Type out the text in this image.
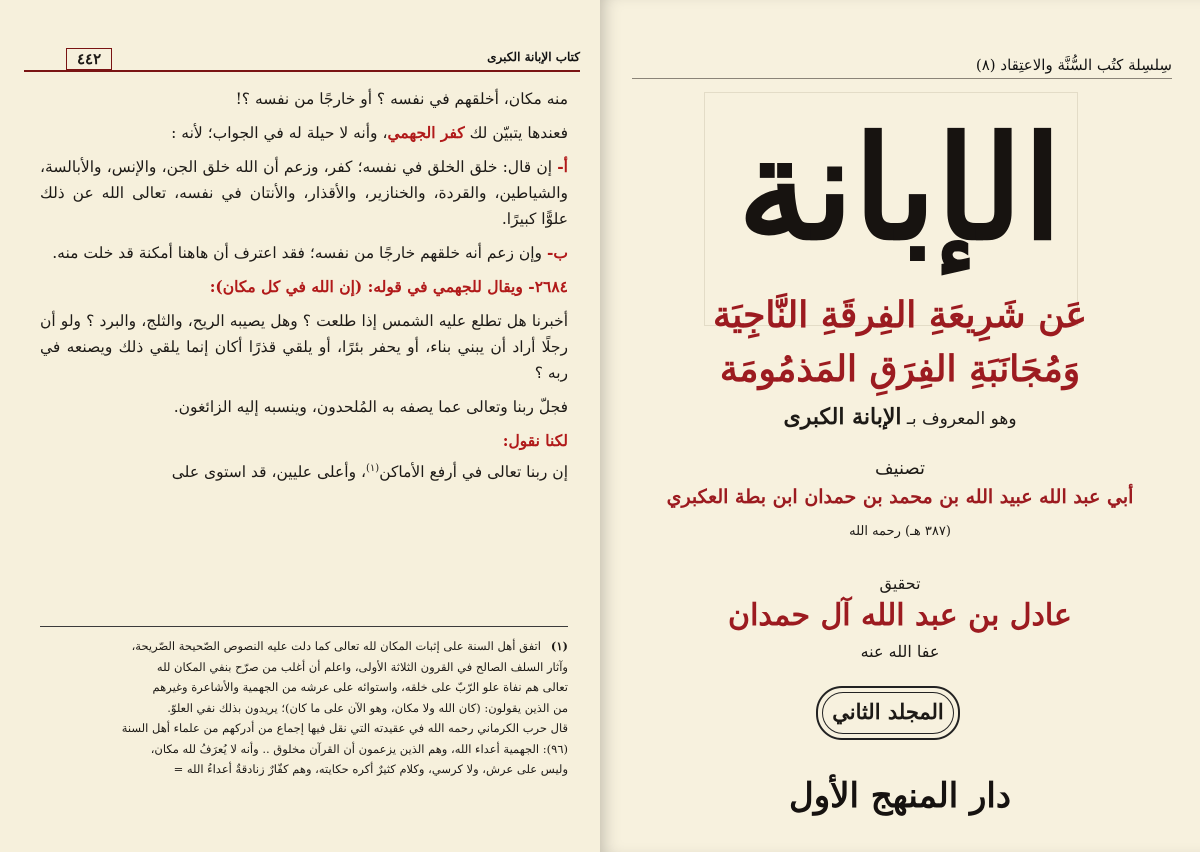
كتاب الإبانة الكبرى
٤٤٢

منه مكان، أخلقهم في نفسه ؟ أو خارجًا من نفسه ؟!

فعندها يتبيّن لك كفر الجهمي، وأنه لا حيلة له في الجواب؛ لأنه :

أ- إن قال: خلق الخلق في نفسه؛ كفر، وزعم أن الله خلق الجن، والإنس، والأبالسة، والشياطين، والقردة، والخنازير، والأقذار، والأنتان في نفسه، تعالى الله عن ذلك علوًّا كبيرًا.

ب- وإن زعم أنه خلقهم خارجًا من نفسه؛ فقد اعترف أن هاهنا أمكنة قد خلت منه.

٢٦٨٤- ويقال للجهمي في قوله: (إن الله في كل مكان):

أخبرنا هل تطلع عليه الشمس إذا طلعت ؟ وهل يصيبه الريح، والثلج، والبرد ؟ ولو أن رجلًا أراد أن يبني بناء، أو يحفر بئرًا، أو يلقي قذرًا أكان إنما يلقي ذلك ويصنعه في ربه ؟

فجلّ ربنا وتعالى عما يصفه به المُلحدون، وينسبه إليه الزائغون.

لكنا نقول:

إن ربنا تعالى في أرفع الأماكن$^{(١)}$، وأعلى عليين، قد استوى على

(١)اتفق أهل السنة على إثبات المكان لله تعالى كما دلت عليه النصوص الصّحيحة الصّريحة،

وآثار السلف الصالح في القرون الثلاثة الأولى، واعلم أن أغلب من صرّح بنفي المكان لله

تعالى هم نفاة علو الرّبّ على خلقه، واستوائه على عرشه من الجهمية والأشاعرة وغيرهم

من الذين يقولون: (كان الله ولا مكان، وهو الآن على ما كان)؛ يريدون بذلك نفي العلوّ.

قال حرب الكرماني رحمه الله في عقيدته التي نقل فيها إجماع من أدركهم من علماء أهل السنة

(٩٦): الجهمية أعداء الله، وهم الذين يزعمون أن القرآن مخلوق .. وأنه لا يُعرَفُ لله مكان،

وليس على عرش، ولا كرسي، وكلام كثيرٌ أكره حكايته، وهم كفّارٌ زنادقةٌ أعداءُ الله =

سِلسِلة كتُب السُّنَّة والاعتِقاد (٨)
الإبانة
عَن شَرِيعَةِ الفِرقَةِ النَّاجِيَة
وَمُجَانَبَةِ الفِرَقِ المَذمُومَة
وهو المعروف بـ الإبانة الكبرى
تصنيف
أبي عبد الله عبيد الله بن محمد بن حمدان ابن بطة العكبري
(٣٨٧ هـ) رحمه الله
تحقيق
عادل بن عبد الله آل حمدان
عفا الله عنه
المجلد الثاني
دار المنهج الأول
